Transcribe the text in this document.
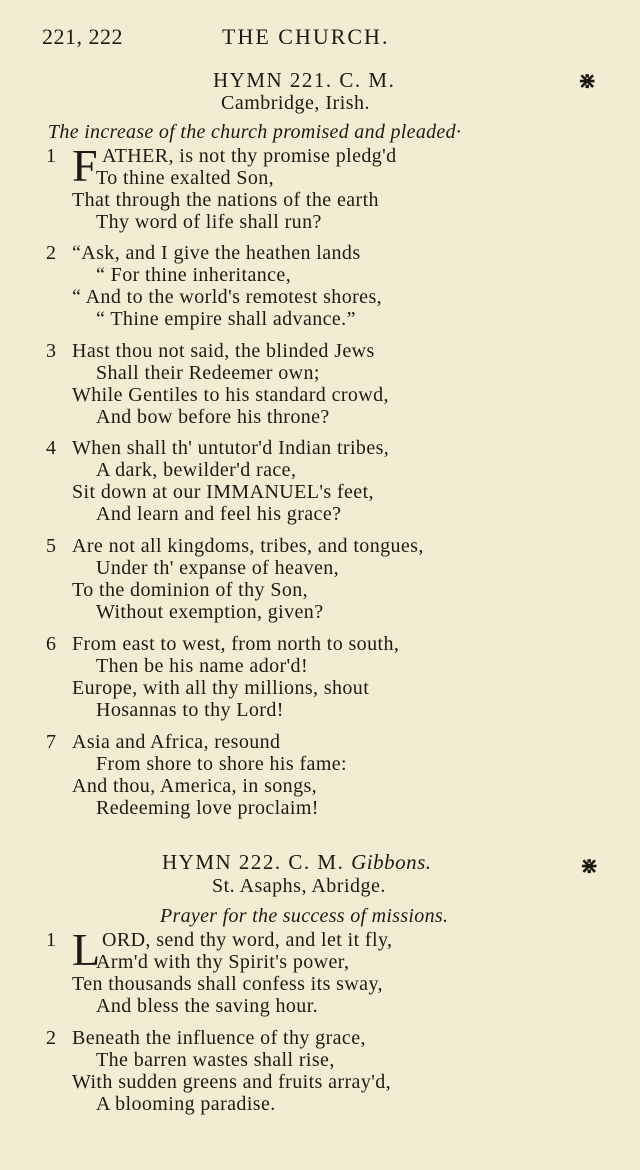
221, 222	THE CHURCH.
HYMN 221. C. M.	⋇
Cambridge, Irish.
The increase of the church promised and pleaded·
1 F ATHER, is not thy promise pledg'd
To thine exalted Son,
That through the nations of the earth
Thy word of life shall run?
2 “Ask, and I give the heathen lands
“ For thine inheritance,
“ And to the world's remotest shores,
“ Thine empire shall advance.”
3 Hast thou not said, the blinded Jews
Shall their Redeemer own;
While Gentiles to his standard crowd,
And bow before his throne?
4 When shall th' untutor'd Indian tribes,
A dark, bewilder'd race,
Sit down at our IMMANUEL's feet,
And learn and feel his grace?
5 Are not all kingdoms, tribes, and tongues,
Under th' expanse of heaven,
To the dominion of thy Son,
Without exemption, given?
6 From east to west, from north to south,
Then be his name ador'd!
Europe, with all thy millions, shout
Hosannas to thy Lord!
7 Asia and Africa, resound
From shore to shore his fame:
And thou, America, in songs,
Redeeming love proclaim!
HYMN 222. C. M. Gibbons.	⋇
St. Asaphs, Abridge.
Prayer for the success of missions.
1 L ORD, send thy word, and let it fly,
Arm'd with thy Spirit's power,
Ten thousands shall confess its sway,
And bless the saving hour.
2 Beneath the influence of thy grace,
The barren wastes shall rise,
With sudden greens and fruits array'd,
A blooming paradise.
